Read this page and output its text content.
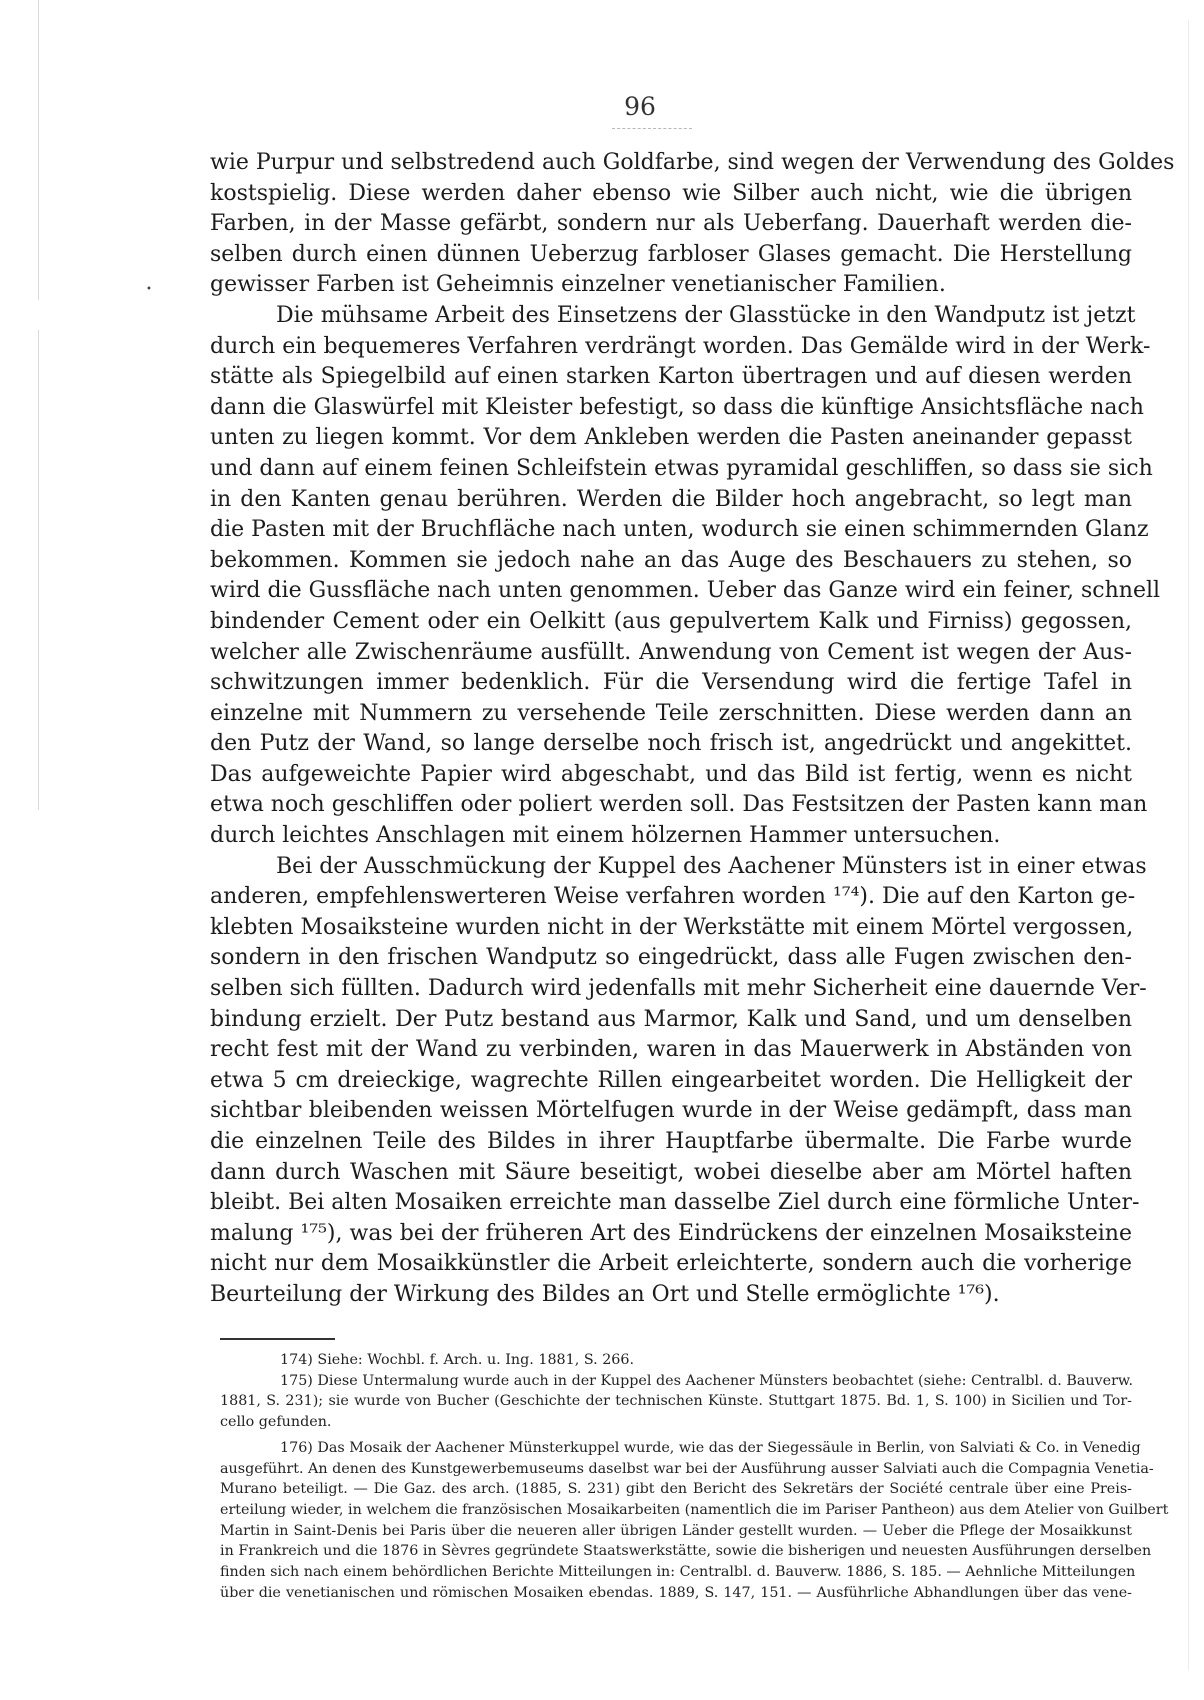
•
96
wie Purpur und selbstredend auch Goldfarbe, sind wegen der Verwendung des Goldes
kostspielig. Diese werden daher ebenso wie Silber auch nicht, wie die übrigen
Farben, in der Masse gefärbt, sondern nur als Ueberfang. Dauerhaft werden die-
selben durch einen dünnen Ueberzug farbloser Glases gemacht. Die Herstellung
gewisser Farben ist Geheimnis einzelner venetianischer Familien.
Die mühsame Arbeit des Einsetzens der Glasstücke in den Wandputz ist jetzt
durch ein bequemeres Verfahren verdrängt worden. Das Gemälde wird in der Werk-
stätte als Spiegelbild auf einen starken Karton übertragen und auf diesen werden
dann die Glaswürfel mit Kleister befestigt, so dass die künftige Ansichtsfläche nach
unten zu liegen kommt. Vor dem Ankleben werden die Pasten aneinander gepasst
und dann auf einem feinen Schleifstein etwas pyramidal geschliffen, so dass sie sich
in den Kanten genau berühren. Werden die Bilder hoch angebracht, so legt man
die Pasten mit der Bruchfläche nach unten, wodurch sie einen schimmernden Glanz
bekommen. Kommen sie jedoch nahe an das Auge des Beschauers zu stehen, so
wird die Gussfläche nach unten genommen. Ueber das Ganze wird ein feiner, schnell
bindender Cement oder ein Oelkitt (aus gepulvertem Kalk und Firniss) gegossen,
welcher alle Zwischenräume ausfüllt. Anwendung von Cement ist wegen der Aus-
schwitzungen immer bedenklich. Für die Versendung wird die fertige Tafel in
einzelne mit Nummern zu versehende Teile zerschnitten. Diese werden dann an
den Putz der Wand, so lange derselbe noch frisch ist, angedrückt und angekittet.
Das aufgeweichte Papier wird abgeschabt, und das Bild ist fertig, wenn es nicht
etwa noch geschliffen oder poliert werden soll. Das Festsitzen der Pasten kann man
durch leichtes Anschlagen mit einem hölzernen Hammer untersuchen.
Bei der Ausschmückung der Kuppel des Aachener Münsters ist in einer etwas
anderen, empfehlenswerteren Weise verfahren worden ¹⁷⁴). Die auf den Karton ge-
klebten Mosaiksteine wurden nicht in der Werkstätte mit einem Mörtel vergossen,
sondern in den frischen Wandputz so eingedrückt, dass alle Fugen zwischen den-
selben sich füllten. Dadurch wird jedenfalls mit mehr Sicherheit eine dauernde Ver-
bindung erzielt. Der Putz bestand aus Marmor, Kalk und Sand, und um denselben
recht fest mit der Wand zu verbinden, waren in das Mauerwerk in Abständen von
etwa 5 cm dreieckige, wagrechte Rillen eingearbeitet worden. Die Helligkeit der
sichtbar bleibenden weissen Mörtelfugen wurde in der Weise gedämpft, dass man
die einzelnen Teile des Bildes in ihrer Hauptfarbe übermalte. Die Farbe wurde
dann durch Waschen mit Säure beseitigt, wobei dieselbe aber am Mörtel haften
bleibt. Bei alten Mosaiken erreichte man dasselbe Ziel durch eine förmliche Unter-
malung ¹⁷⁵), was bei der früheren Art des Eindrückens der einzelnen Mosaiksteine
nicht nur dem Mosaikkünstler die Arbeit erleichterte, sondern auch die vorherige
Beurteilung der Wirkung des Bildes an Ort und Stelle ermöglichte ¹⁷⁶).
174) Siehe: Wochbl. f. Arch. u. Ing. 1881, S. 266.
175) Diese Untermalung wurde auch in der Kuppel des Aachener Münsters beobachtet (siehe: Centralbl. d. Bauverw.
1881, S. 231); sie wurde von Bucher (Geschichte der technischen Künste. Stuttgart 1875. Bd. 1, S. 100) in Sicilien und Tor-
cello gefunden.
176) Das Mosaik der Aachener Münsterkuppel wurde, wie das der Siegessäule in Berlin, von Salviati & Co. in Venedig
ausgeführt. An denen des Kunstgewerbemuseums daselbst war bei der Ausführung ausser Salviati auch die Compagnia Venetia-
Murano beteiligt. — Die Gaz. des arch. (1885, S. 231) gibt den Bericht des Sekretärs der Société centrale über eine Preis-
erteilung wieder, in welchem die französischen Mosaikarbeiten (namentlich die im Pariser Pantheon) aus dem Atelier von Guilbert
Martin in Saint-Denis bei Paris über die neueren aller übrigen Länder gestellt wurden. — Ueber die Pflege der Mosaikkunst
in Frankreich und die 1876 in Sèvres gegründete Staatswerkstätte, sowie die bisherigen und neuesten Ausführungen derselben
finden sich nach einem behördlichen Berichte Mitteilungen in: Centralbl. d. Bauverw. 1886, S. 185. — Aehnliche Mitteilungen
über die venetianischen und römischen Mosaiken ebendas. 1889, S. 147, 151. — Ausführliche Abhandlungen über das vene-
